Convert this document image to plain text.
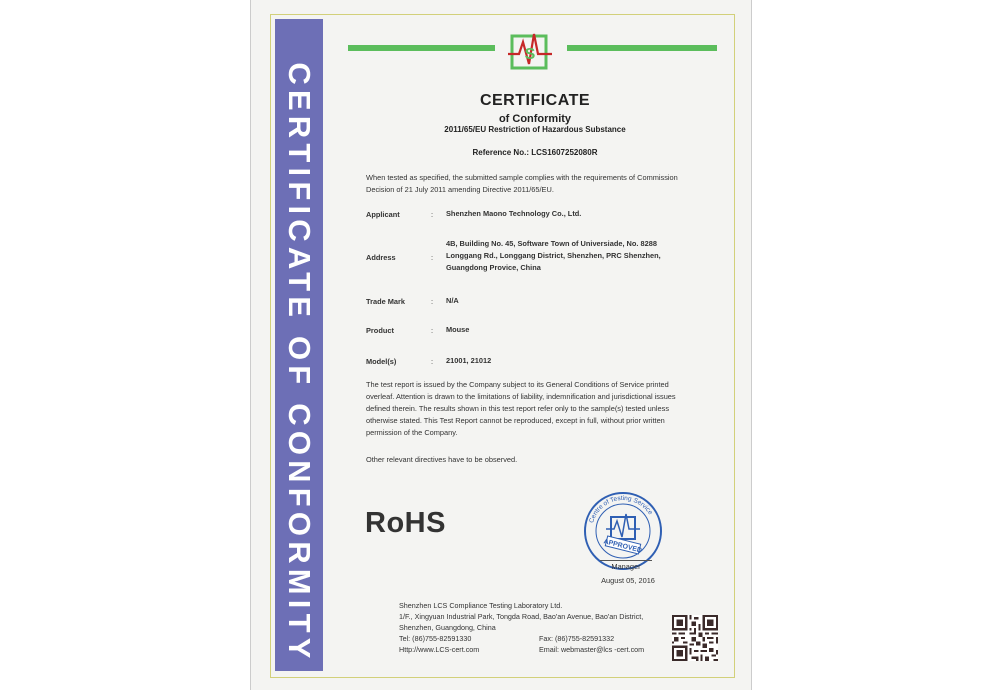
CERTIFICATE OF CONFORMITY
S
CERTIFICATE
of Conformity
2011/65/EU Restriction of Hazardous Substance
Reference No.: LCS1607252080R
When tested as specified, the submitted sample complies with the requirements of Commission
Decision of 21 July 2011 amending Directive 2011/65/EU.
Applicant	: Shenzhen Maono Technology Co., Ltd.
Address	:
4B, Building No. 45, Software Town of Universiade, No. 8288
Longgang Rd., Longgang District, Shenzhen, PRC Shenzhen,
Guangdong Provice, China
Trade Mark	: N/A
Product	: Mouse
Model(s)	: 21001, 21012
The test report is issued by the Company subject to its General Conditions of Service printed
overleaf. Attention is drawn to the limitations of liability, indemnification and jurisdictional issues
defined therein. The results shown in this test report refer only to the sample(s) tested unless
otherwise stated. This Test Report cannot be reproduced, except in full, without prior written
permission of the Company.
Other relevant directives have to be observed.
RoHS
APPROVED
Centre of Testing Service
Manager
August 05, 2016
Shenzhen LCS Compliance Testing Laboratory Ltd.
1/F., Xingyuan Industrial Park, Tongda Road, Bao'an Avenue, Bao'an District,
Shenzhen, Guangdong, China
Tel: (86)755-82591330
Http://www.LCS-cert.com
Fax: (86)755-82591332
Email: webmaster@lcs -cert.com
